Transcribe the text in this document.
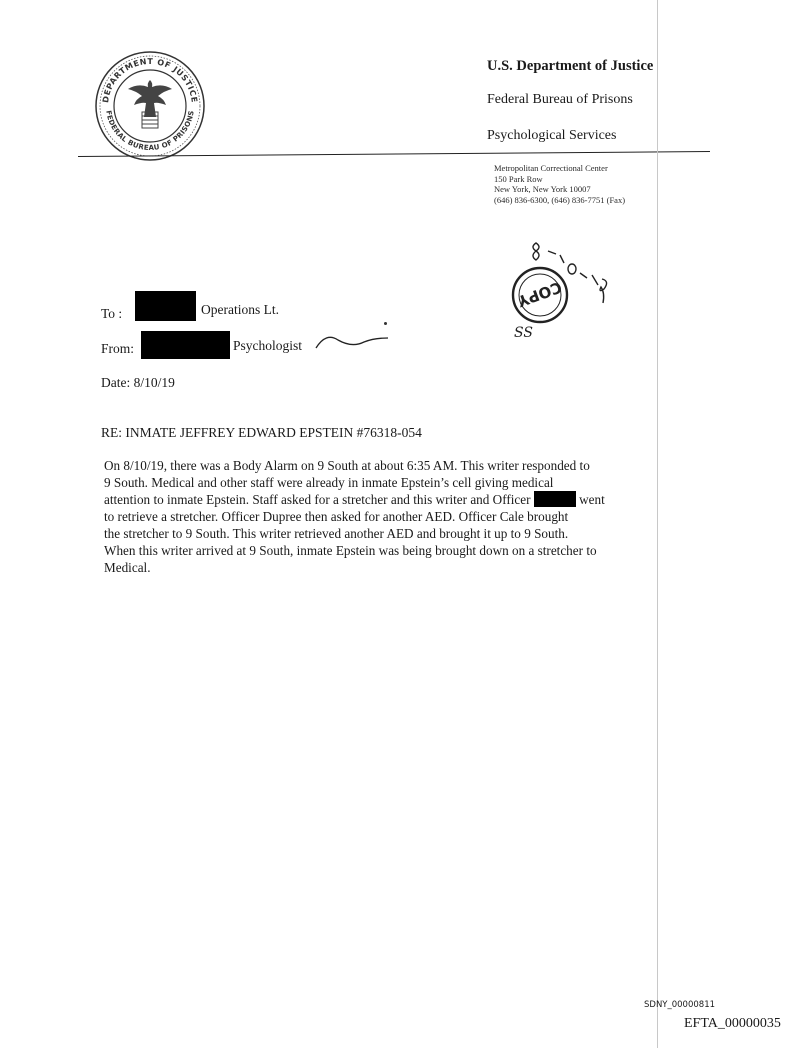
DEPARTMENT OF JUSTICE
FEDERAL BUREAU OF PRISONS
U.S. Department of Justice
Federal Bureau of Prisons
Psychological Services
Metropolitan Correctional Center
150 Park Row
New York, New York 10007
(646) 836-6300, (646) 836-7751 (Fax)
COPY
SS
To :	Operations Lt.
From:	Psychologist
Date: 8/10/19
RE: INMATE JEFFREY EDWARD EPSTEIN #76318-054
On 8/10/19, there was a Body Alarm on 9 South at about 6:35 AM. This writer responded to
9 South. Medical and other staff were already in inmate Epstein’s cell giving medical
attention to inmate Epstein. Staff asked for a stretcher and this writer and Officer	went
to retrieve a stretcher. Officer Dupree then asked for another AED. Officer Cale brought
the stretcher to 9 South. This writer retrieved another AED and brought it up to 9 South.
When this writer arrived at 9 South, inmate Epstein was being brought down on a stretcher to
Medical.
SDNY_00000811
EFTA_00000035
